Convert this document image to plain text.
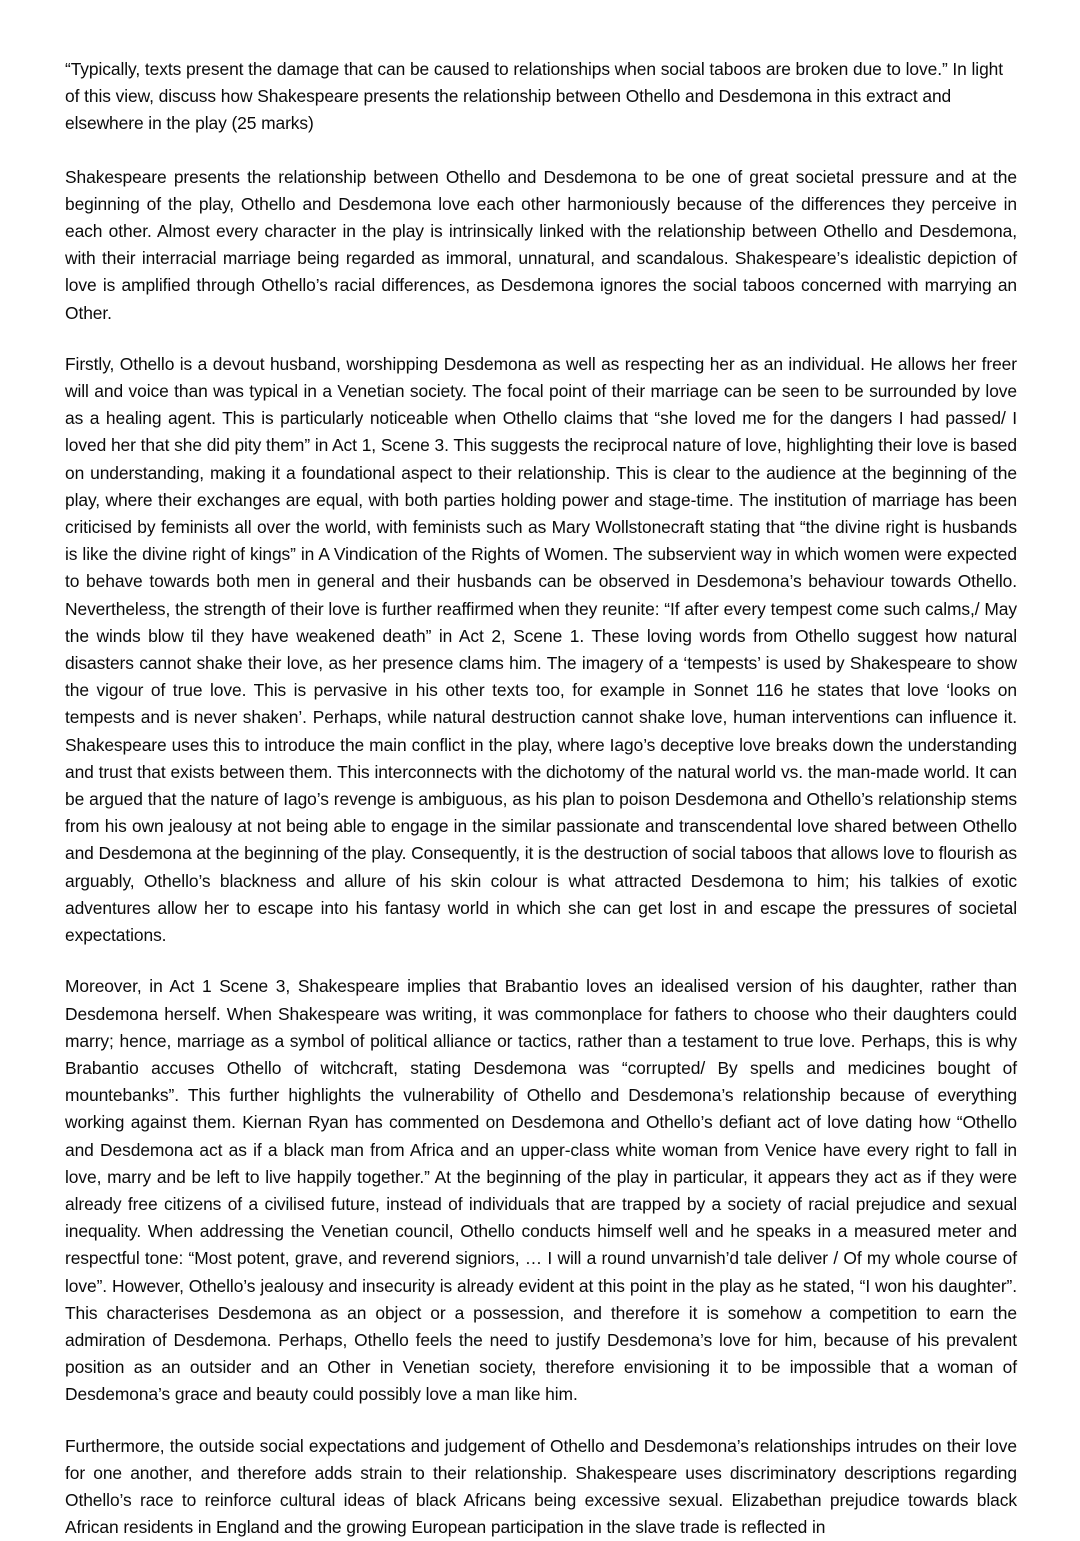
“Typically, texts present the damage that can be caused to relationships when social taboos are broken due to love.” In light of this view, discuss how Shakespeare presents the relationship between Othello and Desdemona in this extract and elsewhere in the play (25 marks)

Shakespeare presents the relationship between Othello and Desdemona to be one of great societal pressure and at the beginning of the play, Othello and Desdemona love each other harmoniously because of the differences they perceive in each other. Almost every character in the play is intrinsically linked with the relationship between Othello and Desdemona, with their interracial marriage being regarded as immoral, unnatural, and scandalous. Shakespeare’s idealistic depiction of love is amplified through Othello’s racial differences, as Desdemona ignores the social taboos concerned with marrying an Other.

Firstly, Othello is a devout husband, worshipping Desdemona as well as respecting her as an individual. He allows her freer will and voice than was typical in a Venetian society. The focal point of their marriage can be seen to be surrounded by love as a healing agent. This is particularly noticeable when Othello claims that “she loved me for the dangers I had passed/ I loved her that she did pity them” in Act 1, Scene 3. This suggests the reciprocal nature of love, highlighting their love is based on understanding, making it a foundational aspect to their relationship. This is clear to the audience at the beginning of the play, where their exchanges are equal, with both parties holding power and stage-time. The institution of marriage has been criticised by feminists all over the world, with feminists such as Mary Wollstonecraft stating that “the divine right is husbands is like the divine right of kings” in A Vindication of the Rights of Women. The subservient way in which women were expected to behave towards both men in general and their husbands can be observed in Desdemona’s behaviour towards Othello. Nevertheless, the strength of their love is further reaffirmed when they reunite: “If after every tempest come such calms,/ May the winds blow til they have weakened death” in Act 2, Scene 1. These loving words from Othello suggest how natural disasters cannot shake their love, as her presence clams him. The imagery of a ‘tempests’ is used by Shakespeare to show the vigour of true love. This is pervasive in his other texts too, for example in Sonnet 116 he states that love ‘looks on tempests and is never shaken’. Perhaps, while natural destruction cannot shake love, human interventions can influence it. Shakespeare uses this to introduce the main conflict in the play, where Iago’s deceptive love breaks down the understanding and trust that exists between them. This interconnects with the dichotomy of the natural world vs. the man-made world. It can be argued that the nature of Iago’s revenge is ambiguous, as his plan to poison Desdemona and Othello’s relationship stems from his own jealousy at not being able to engage in the similar passionate and transcendental love shared between Othello and Desdemona at the beginning of the play. Consequently, it is the destruction of social taboos that allows love to flourish as arguably, Othello’s blackness and allure of his skin colour is what attracted Desdemona to him; his talkies of exotic adventures allow her to escape into his fantasy world in which she can get lost in and escape the pressures of societal expectations.

Moreover, in Act 1 Scene 3, Shakespeare implies that Brabantio loves an idealised version of his daughter, rather than Desdemona herself. When Shakespeare was writing, it was commonplace for fathers to choose who their daughters could marry; hence, marriage as a symbol of political alliance or tactics, rather than a testament to true love. Perhaps, this is why Brabantio accuses Othello of witchcraft, stating Desdemona was “corrupted/ By spells and medicines bought of mountebanks”. This further highlights the vulnerability of Othello and Desdemona’s relationship because of everything working against them. Kiernan Ryan has commented on Desdemona and Othello’s defiant act of love dating how “Othello and Desdemona act as if a black man from Africa and an upper-class white woman from Venice have every right to fall in love, marry and be left to live happily together.” At the beginning of the play in particular, it appears they act as if they were already free citizens of a civilised future, instead of individuals that are trapped by a society of racial prejudice and sexual inequality. When addressing the Venetian council, Othello conducts himself well and he speaks in a measured meter and respectful tone: “Most potent, grave, and reverend signiors, … I will a round unvarnish’d tale deliver / Of my whole course of love”. However, Othello’s jealousy and insecurity is already evident at this point in the play as he stated, “I won his daughter”. This characterises Desdemona as an object or a possession, and therefore it is somehow a competition to earn the admiration of Desdemona. Perhaps, Othello feels the need to justify Desdemona’s love for him, because of his prevalent position as an outsider and an Other in Venetian society, therefore envisioning it to be impossible that a woman of Desdemona’s grace and beauty could possibly love a man like him.

Furthermore, the outside social expectations and judgement of Othello and Desdemona’s relationships intrudes on their love for one another, and therefore adds strain to their relationship. Shakespeare uses discriminatory descriptions regarding Othello’s race to reinforce cultural ideas of black Africans being excessive sexual. Elizabethan prejudice towards black African residents in England and the growing European participation in the slave trade is reflected in
